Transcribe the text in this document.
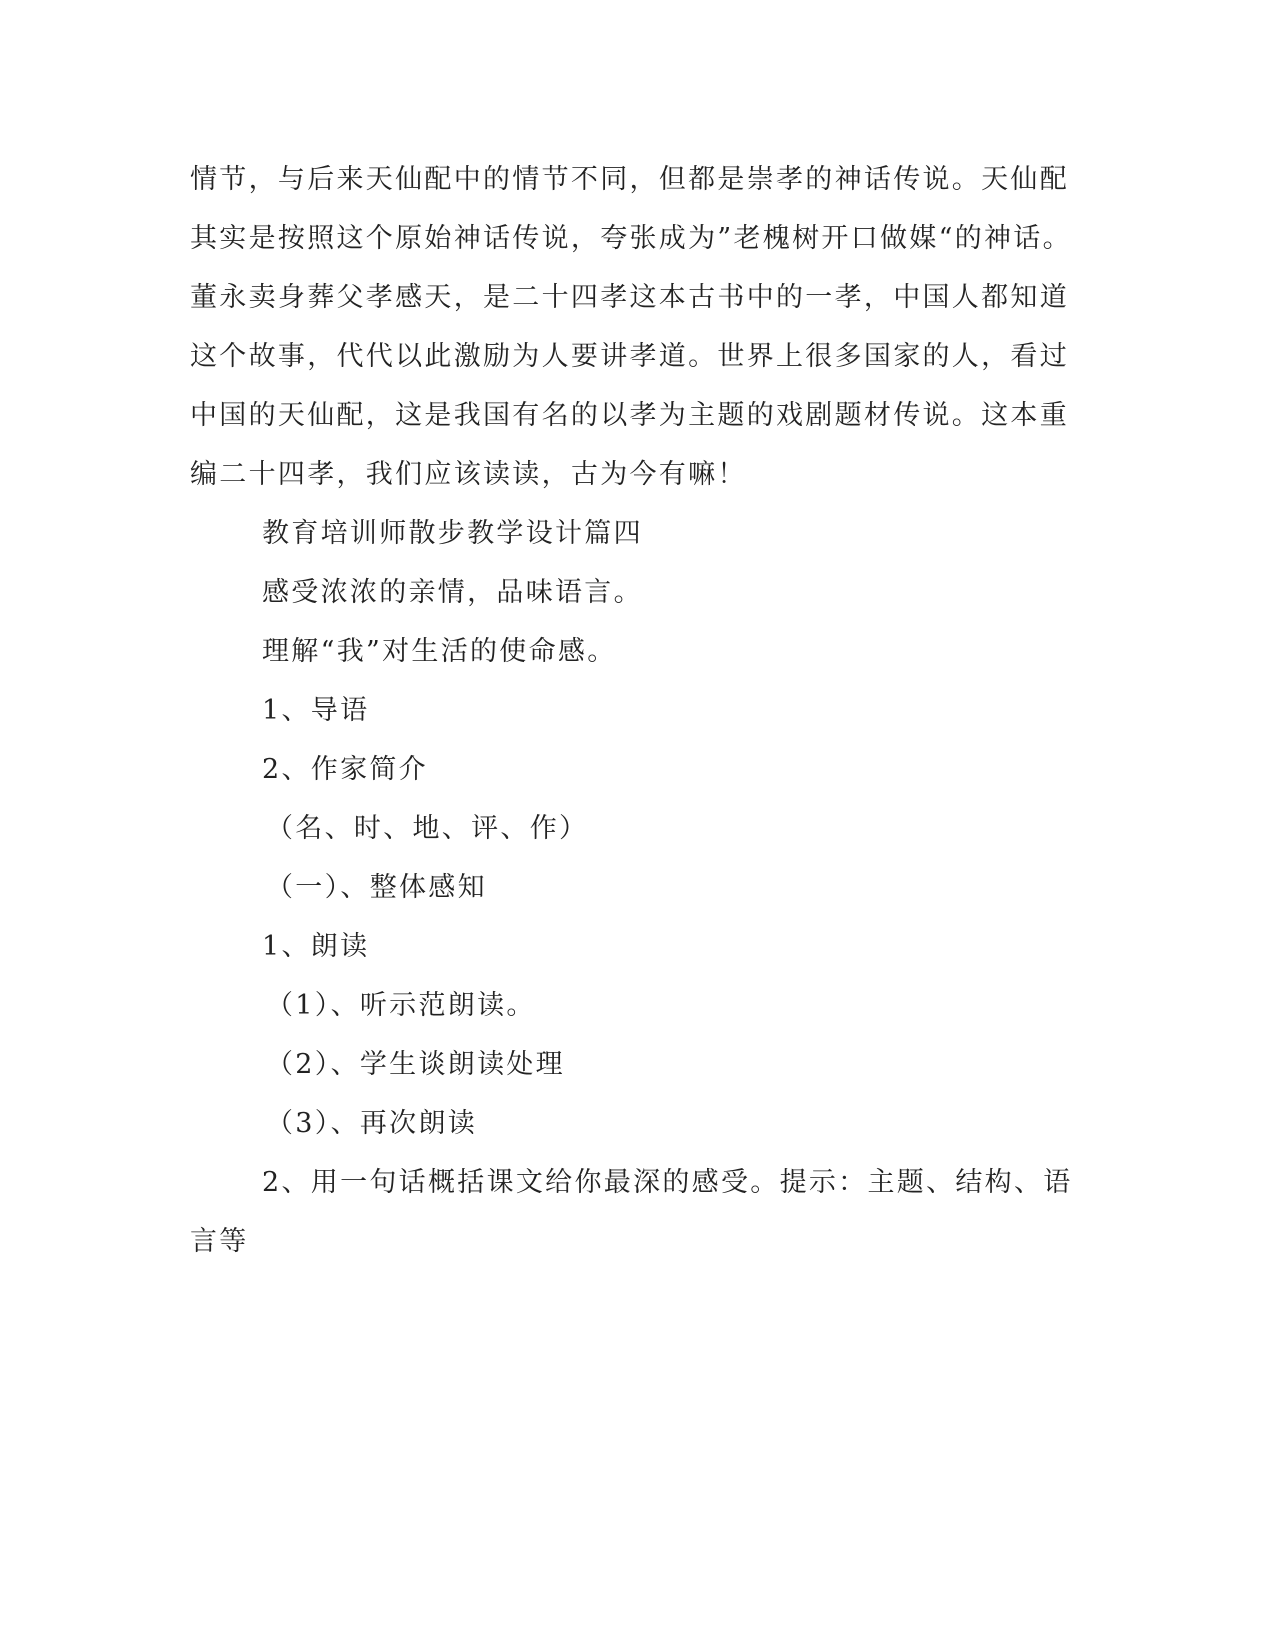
情节，与后来天仙配中的情节不同，但都是崇孝的神话传说。天仙配
其实是按照这个原始神话传说，夸张成为”老槐树开口做媒“的神话。
董永卖身葬父孝感天，是二十四孝这本古书中的一孝，中国人都知道
这个故事，代代以此激励为人要讲孝道。世界上很多国家的人，看过
中国的天仙配，这是我国有名的以孝为主题的戏剧题材传说。这本重
编二十四孝，我们应该读读，古为今有嘛！
教育培训师散步教学设计篇四
感受浓浓的亲情，品味语言。
理解“我”对生活的使命感。
1、导语
2、作家简介
（名、时、地、评、作）
（一）、整体感知
1、朗读
（1）、听示范朗读。
（2）、学生谈朗读处理
（3）、再次朗读
2、用一句话概括课文给你最深的感受。提示：主题、结构、语
言等
